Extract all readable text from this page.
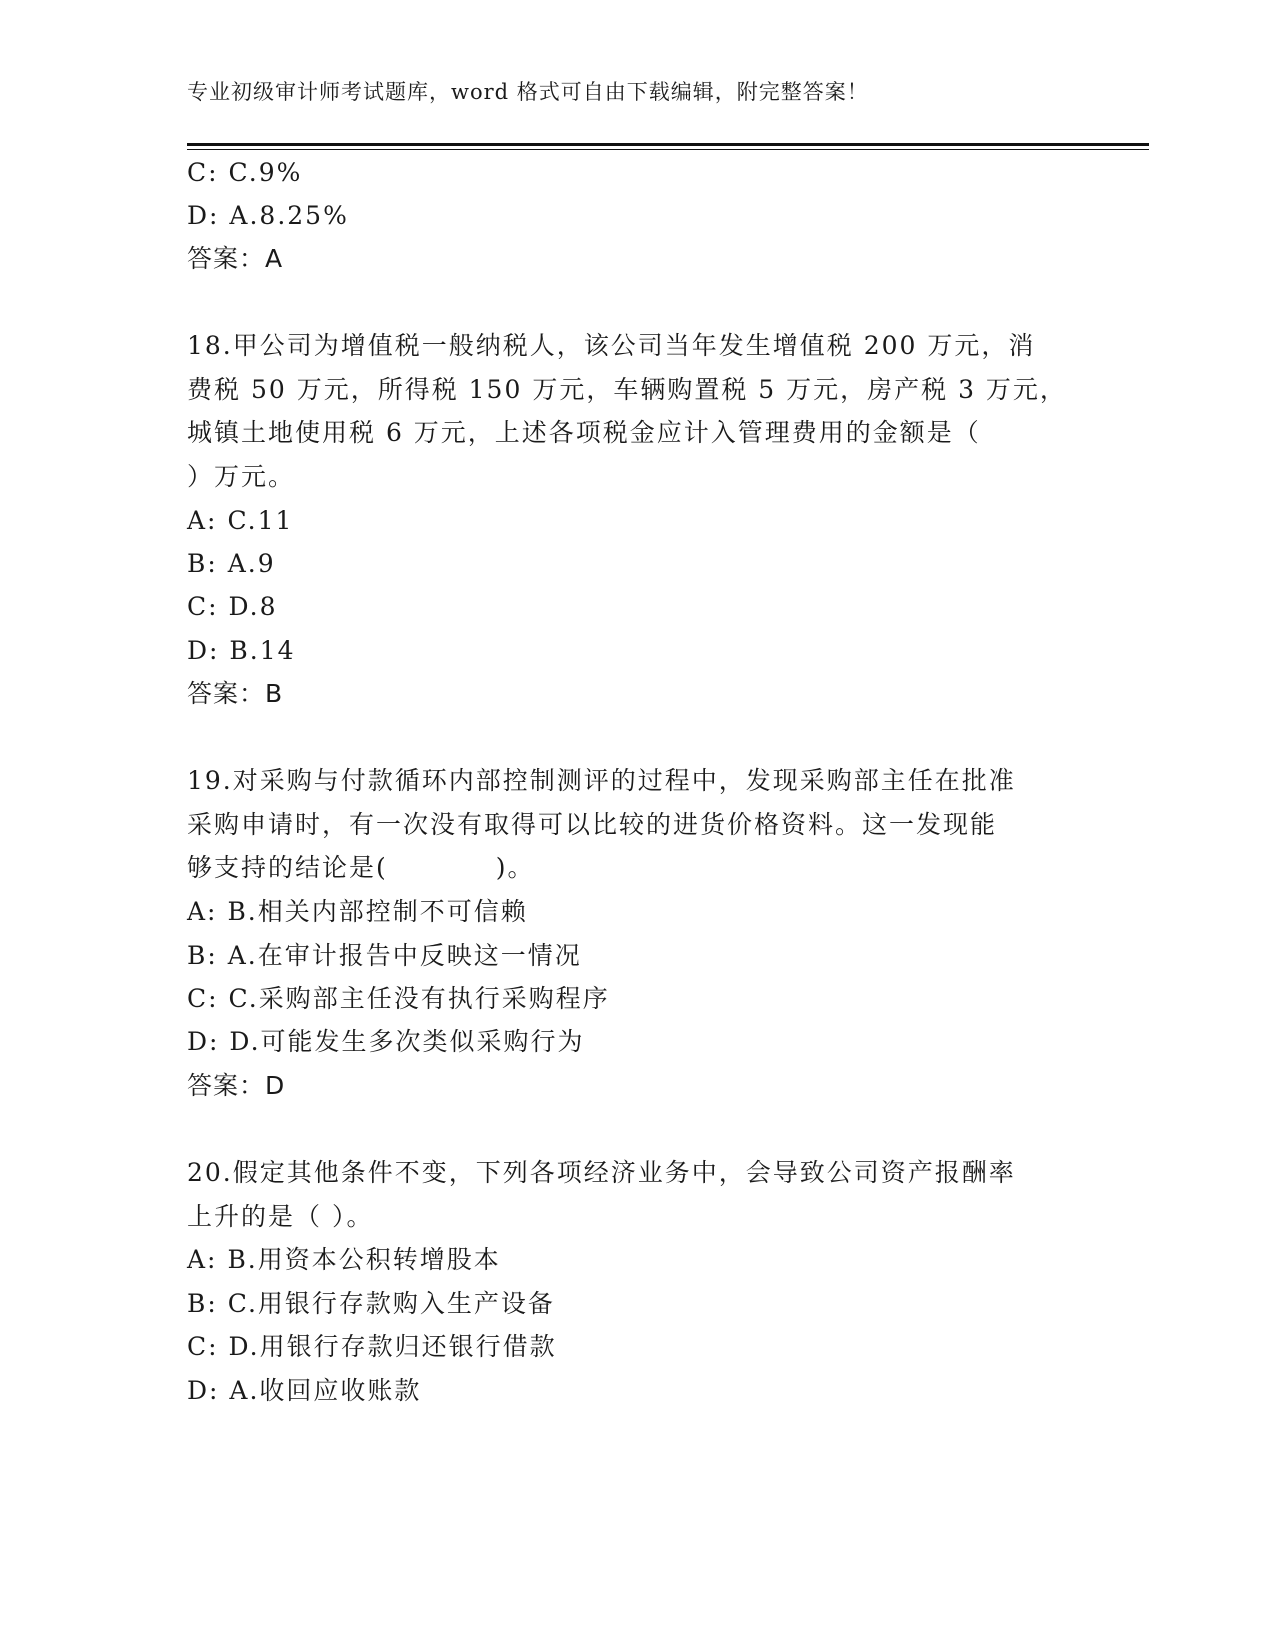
专业初级审计师考试题库，word 格式可自由下载编辑，附完整答案！
C: C.9%
D: A.8.25%
答案：A
18.甲公司为增值税一般纳税人，该公司当年发生增值税 200 万元，消
费税 50 万元，所得税 150 万元，车辆购置税 5 万元，房产税 3 万元，
城镇土地使用税 6 万元，上述各项税金应计入管理费用的金额是（
）万元。
A: C.11
B: A.9
C: D.8
D: B.14
答案：B
19.对采购与付款循环内部控制测评的过程中，发现采购部主任在批准
采购申请时，有一次没有取得可以比较的进货价格资料。这一发现能
够支持的结论是(　　　　)。
A: B.相关内部控制不可信赖
B: A.在审计报告中反映这一情况
C: C.采购部主任没有执行采购程序
D: D.可能发生多次类似采购行为
答案：D
20.假定其他条件不变，下列各项经济业务中，会导致公司资产报酬率
上升的是（ ）。
A: B.用资本公积转增股本
B: C.用银行存款购入生产设备
C: D.用银行存款归还银行借款
D: A.收回应收账款
